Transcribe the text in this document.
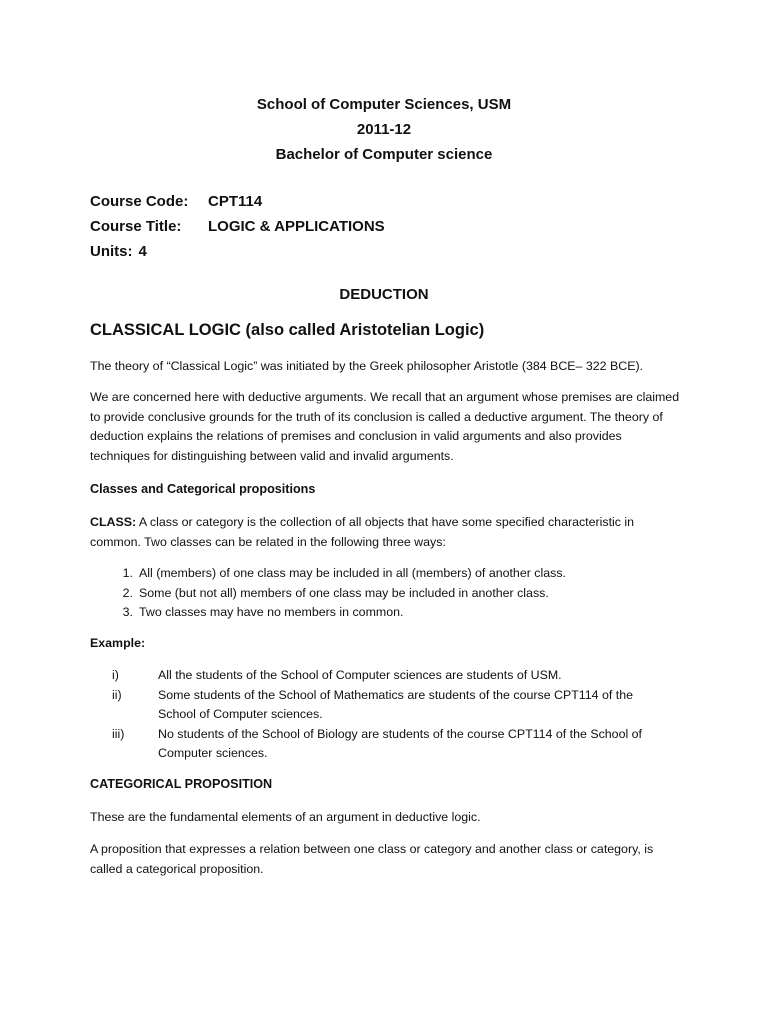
School of Computer Sciences, USM
2011-12
Bachelor of Computer science
Course Code:	CPT114
Course Title:	LOGIC & APPLICATIONS
Units: 4
DEDUCTION
CLASSICAL LOGIC (also called Aristotelian Logic)

The theory of “Classical Logic” was initiated by the Greek philosopher Aristotle (384 BCE– 322 BCE).

We are concerned here with deductive arguments. We recall that an argument whose premises are claimed to provide conclusive grounds for the truth of its conclusion is called a deductive argument. The theory of deduction explains the relations of premises and conclusion in valid arguments and also provides techniques for distinguishing between valid and invalid arguments.

Classes and Categorical propositions

CLASS: A class or category is the collection of all objects that have some specified characteristic in common. Two classes can be related in the following three ways:

1. All (members) of one class may be included in all (members) of another class.
2. Some (but not all) members of one class may be included in another class.
3. Two classes may have no members in common.
Example:
i)	All the students of the School of Computer sciences are students of USM.
ii)	Some students of the School of Mathematics are students of the course CPT114 of the School of Computer sciences.
iii)	No students of the School of Biology are students of the course CPT114 of the School of Computer sciences.
CATEGORICAL PROPOSITION

These are the fundamental elements of an argument in deductive logic.

A proposition that expresses a relation between one class or category and another class or category, is called a categorical proposition.
